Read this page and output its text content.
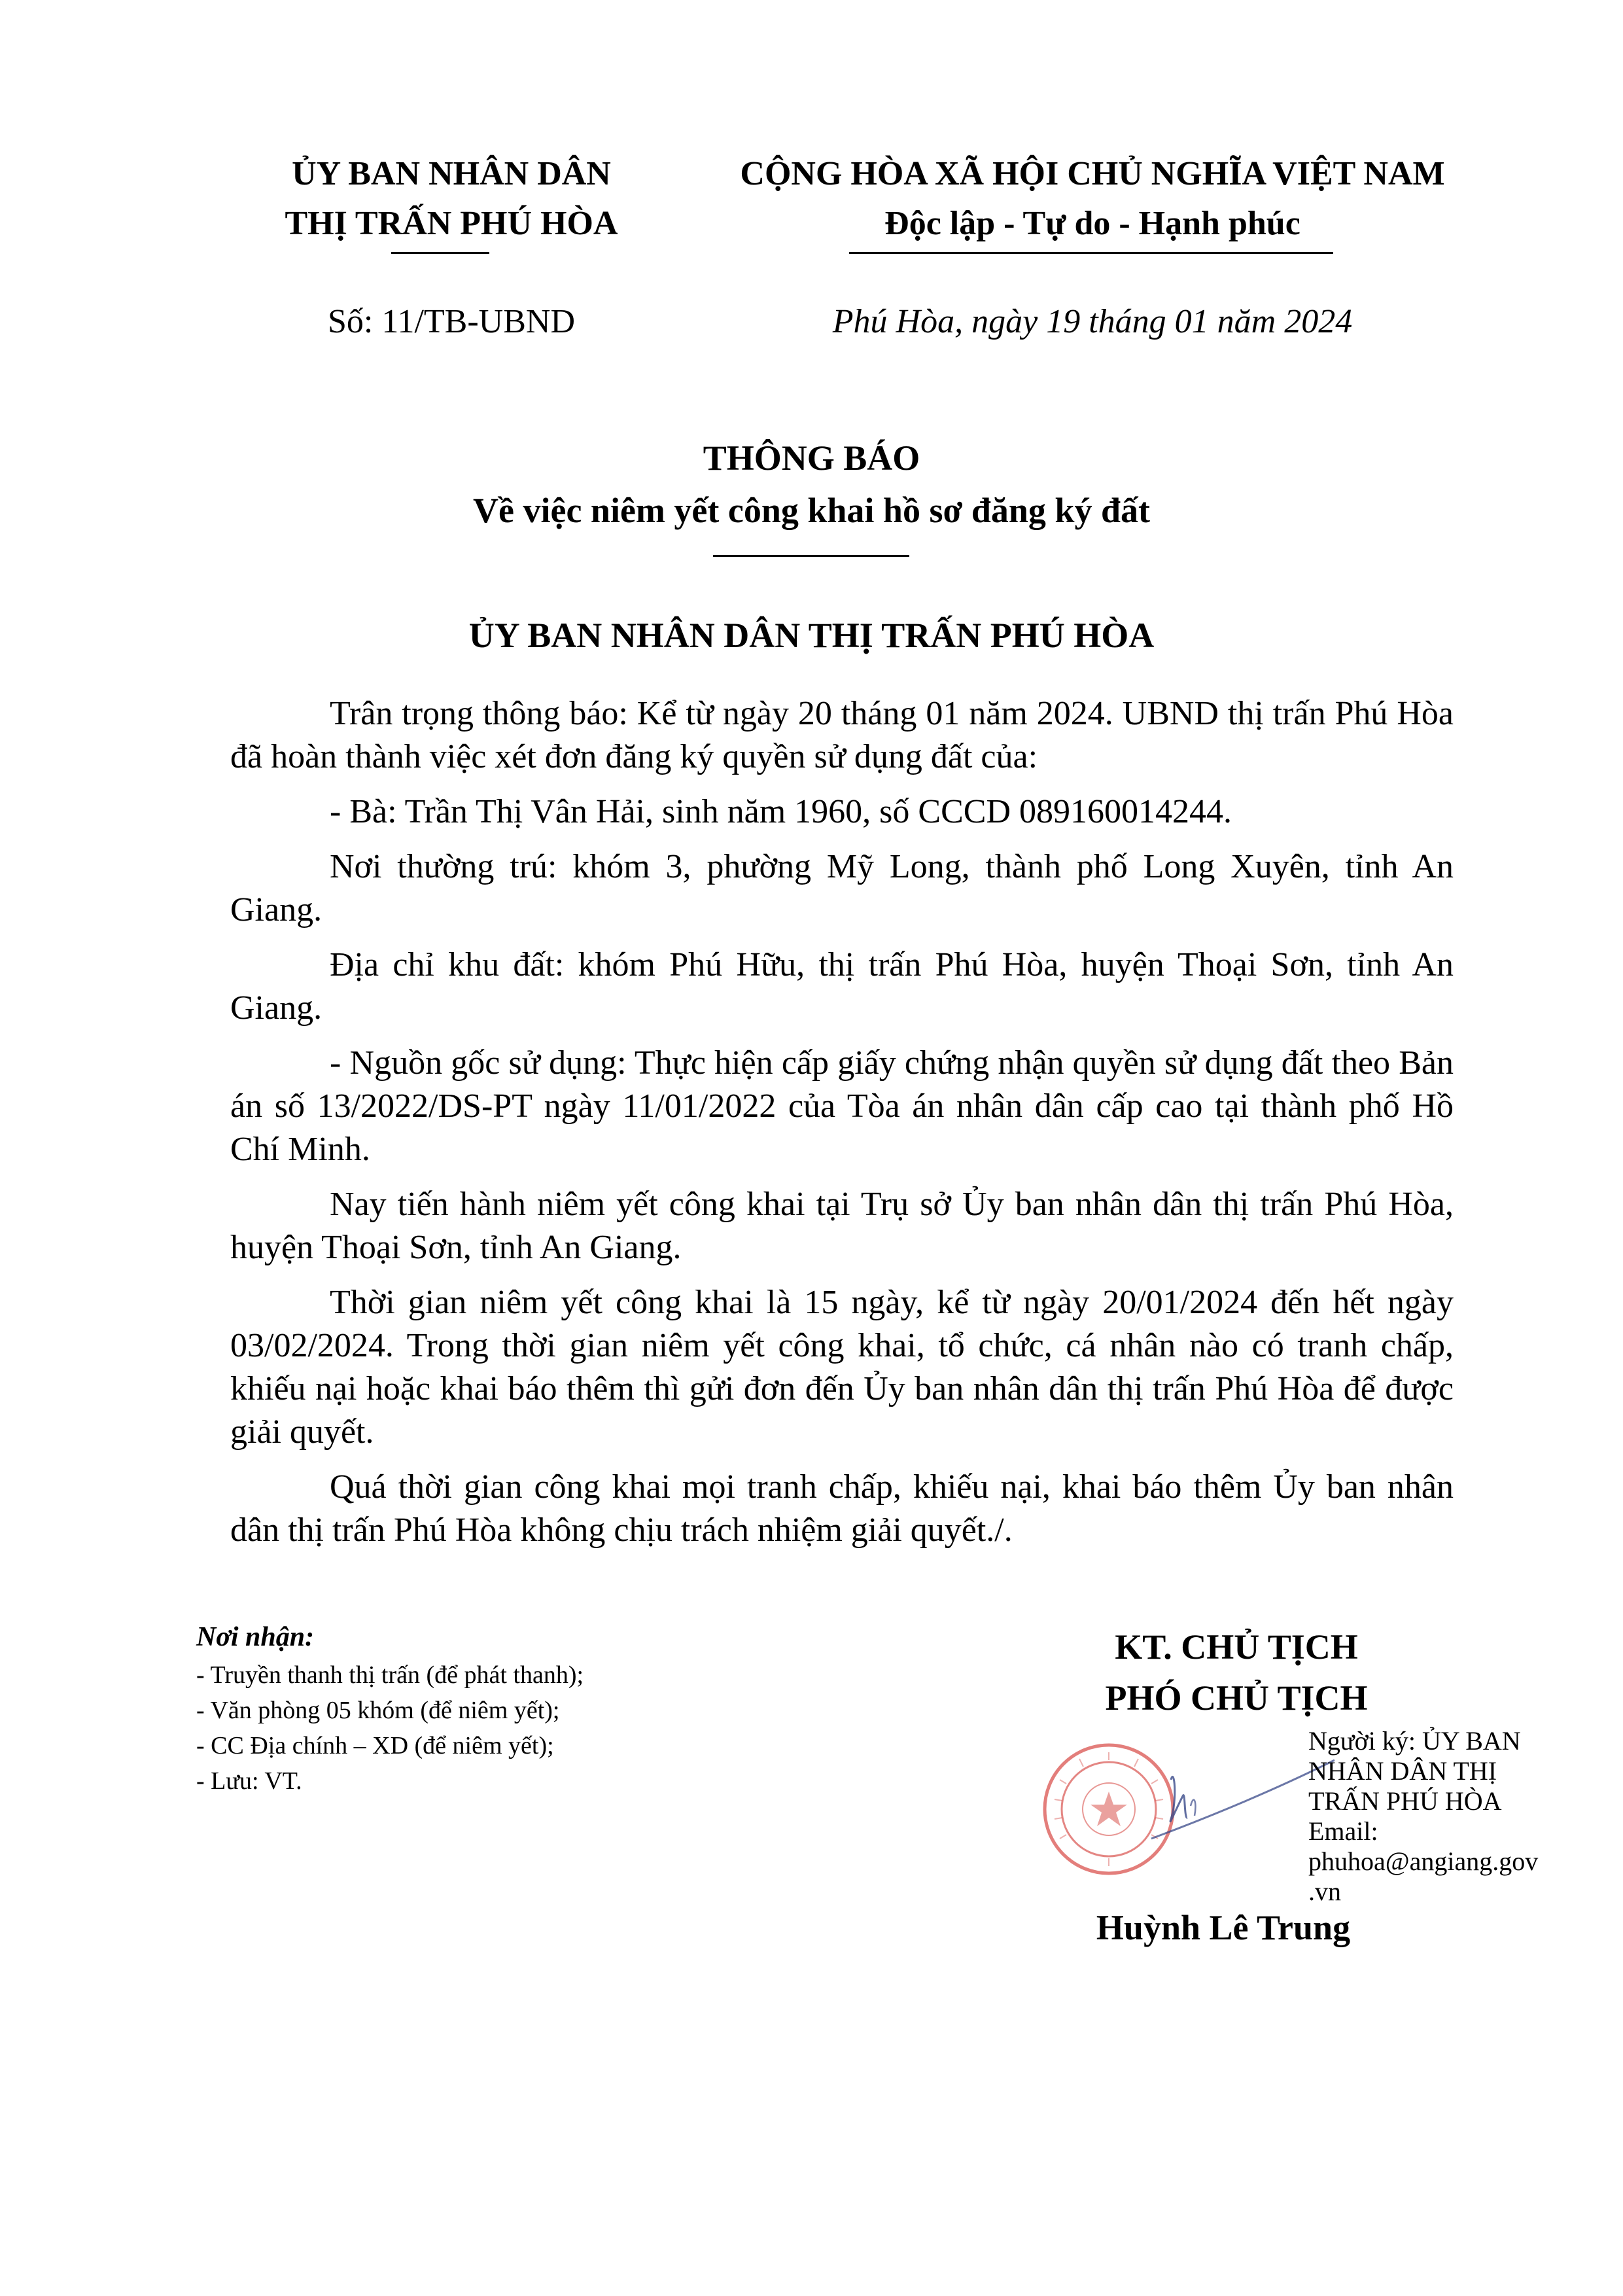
ỦY BAN NHÂN DÂN
THỊ TRẤN PHÚ HÒA
CỘNG HÒA XÃ HỘI CHỦ NGHĨA VIỆT NAM
Độc lập - Tự do - Hạnh phúc
Số: 11/TB-UBND	Phú Hòa, ngày 19 tháng 01 năm 2024
THÔNG BÁO
Về việc niêm yết công khai hồ sơ đăng ký đất
ỦY BAN NHÂN DÂN THỊ TRẤN PHÚ HÒA

Trân trọng thông báo: Kể từ ngày 20 tháng 01 năm 2024. UBND thị trấn Phú Hòa đã hoàn thành việc xét đơn đăng ký quyền sử dụng đất của:

- Bà: Trần Thị Vân Hải, sinh năm 1960, số CCCD 089160014244.

Nơi thường trú: khóm 3, phường Mỹ Long, thành phố Long Xuyên, tỉnh An Giang.

Địa chỉ khu đất: khóm Phú Hữu, thị trấn Phú Hòa, huyện Thoại Sơn, tỉnh An Giang.

- Nguồn gốc sử dụng: Thực hiện cấp giấy chứng nhận quyền sử dụng đất theo Bản án số 13/2022/DS-PT ngày 11/01/2022 của Tòa án nhân dân cấp cao tại thành phố Hồ Chí Minh.

Nay tiến hành niêm yết công khai tại Trụ sở Ủy ban nhân dân thị trấn Phú Hòa, huyện Thoại Sơn, tỉnh An Giang.

Thời gian niêm yết công khai là 15 ngày, kể từ ngày 20/01/2024 đến hết ngày 03/02/2024. Trong thời gian niêm yết công khai, tổ chức, cá nhân nào có tranh chấp, khiếu nại hoặc khai báo thêm thì gửi đơn đến Ủy ban nhân dân thị trấn Phú Hòa để được giải quyết.

Quá thời gian công khai mọi tranh chấp, khiếu nại, khai báo thêm Ủy ban nhân dân thị trấn Phú Hòa không chịu trách nhiệm giải quyết./.

Nơi nhận:
- Truyền thanh thị trấn (để phát thanh);
- Văn phòng 05 khóm (để niêm yết);
- CC Địa chính – XD (để niêm yết);
- Lưu: VT.
KT. CHỦ TỊCH
PHÓ CHỦ TỊCH
Người ký: ỦY BAN
NHÂN DÂN THỊ
TRẤN PHÚ HÒA
Email:
phuhoa@angiang.gov
.vn
Huỳnh Lê Trung
